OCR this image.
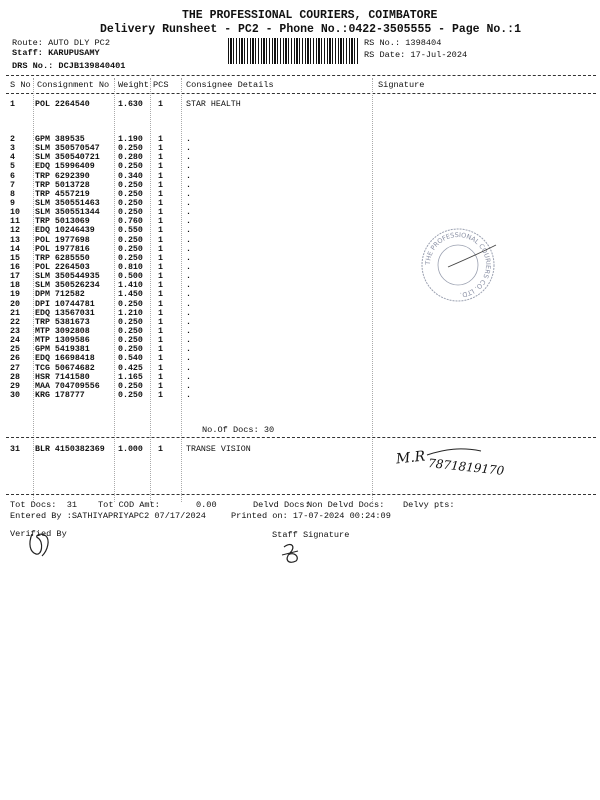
THE PROFESSIONAL COURIERS, COIMBATORE
Delivery Runsheet - PC2 - Phone No.:0422-3505555 - Page No.:1
Route: AUTO DLY PC2
Staff: KARUPUSAMY
DRS No.: DCJB139840401
RS No.: 1398404
RS Date: 17-Jul-2024
S No Consignment No Weight PCS Consignee Details	Signature
1 POL 2264540	1.630 1	STAR HEALTH
2 GPM 389535	1.190 1	.
3 SLM 350570547 0.250 1	.
4 SLM 350540721 0.280 1	.
5 EDQ 15996409	0.250 1	.
6 TRP 6292390	0.340 1	.
7 TRP 5013728	0.250 1	.
8 TRP 4557219	0.250 1	.
9 SLM 350551463 0.250 1	.
10 SLM 350551344 0.250 1	.
11 TRP 5013069	0.760 1	.
12 EDQ 10246439	0.550 1	.
13 POL 1977698	0.250 1	.
14 POL 1977816	0.250 1	.
15 TRP 6285550	0.250 1	.
16 POL 2264503	0.810 1	.
17 SLM 350544935 0.500 1	.
18 SLM 350526234 1.410 1	.
19 DPM 712582	1.450 1	.
20 DPI 10744781	0.250 1	.
21 EDQ 13567031	1.210 1	.
22 TRP 5381673	0.250 1	.
23 MTP 3092808	0.250 1	.
24 MTP 1309586	0.250 1	.
25 GPM 5419381	0.250 1	.
26 EDQ 16698418	0.540 1	.
27 TCG 50674682	0.425 1	.
28 HSR 7141580	1.165 1	.
29 MAA 704709556 0.250 1	.
30 KRG 178777	0.250 1	.
No.Of Docs: 30
31 BLR 4150382369 1.000 1	TRANSE VISION	M.R 7871819170
Tot Docs:  31 Tot COD Amt:       0.00	Delvd Docs:
Non Delvd Docs: Delvy pts:
Entered By :SATHIYAPRIYAPC2 07/17/2024	Printed on: 17-07-2024 00:24:09
Verified By	Staff Signature
THE PROFESSIONAL COURIERS CO. LTD.
